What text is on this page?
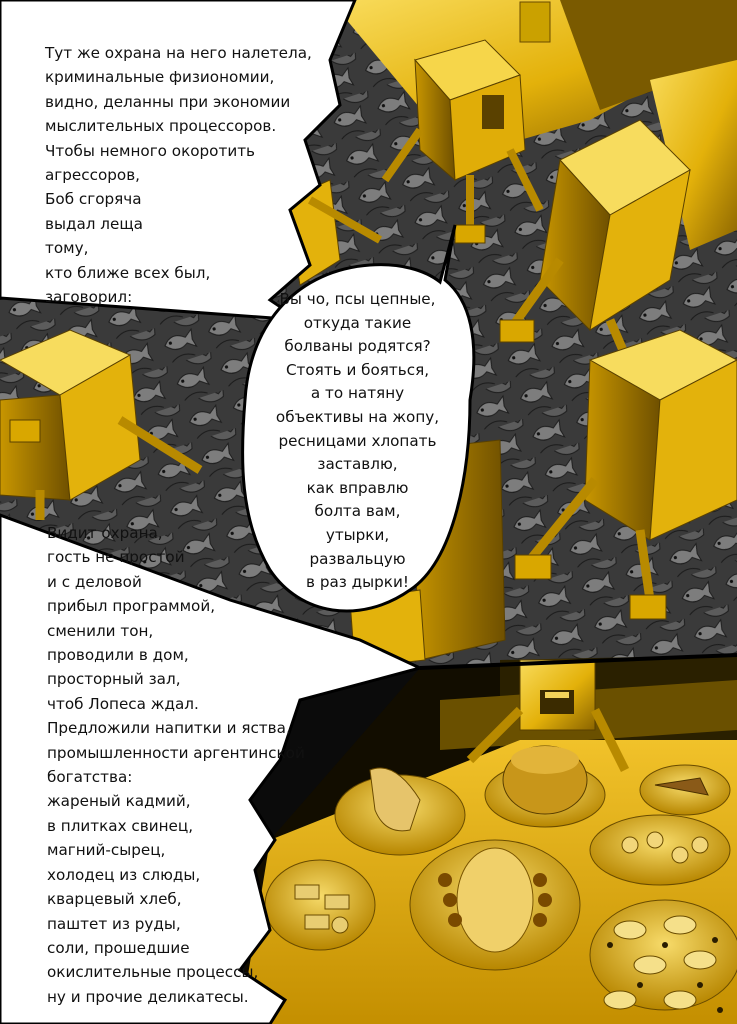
Тут же охрана на него налетела,
криминальные физиономии,
видно, деланны при экономии
мыслительных процессоров.
Чтобы немного окоротить
агрессоров,
Боб сгоряча
выдал леща
тому,
кто ближе всех был,
заговорил:	Вы чо, псы цепные,
откуда такие
болваны родятся?
Стоять и бояться,
а то натяну
объективы на жопу,
ресницами хлопать
заставлю,
как вправлю
болта вам,
утырки,
развальцую
в раз дырки!
Видит охрана,
гость не простой
и с деловой
прибыл программой,
сменили тон,
проводили в дом,
просторный зал,
чтоб Лопеса ждал.
Предложили напитки и яства,
промышленности аргентинской
богатства:
жареный кадмий,
в плитках свинец,
магний-сырец,
холодец из слюды,
кварцевый хлеб,
паштет из руды,
соли, прошедшие
окислительные процессы,
ну и прочие деликатесы.
